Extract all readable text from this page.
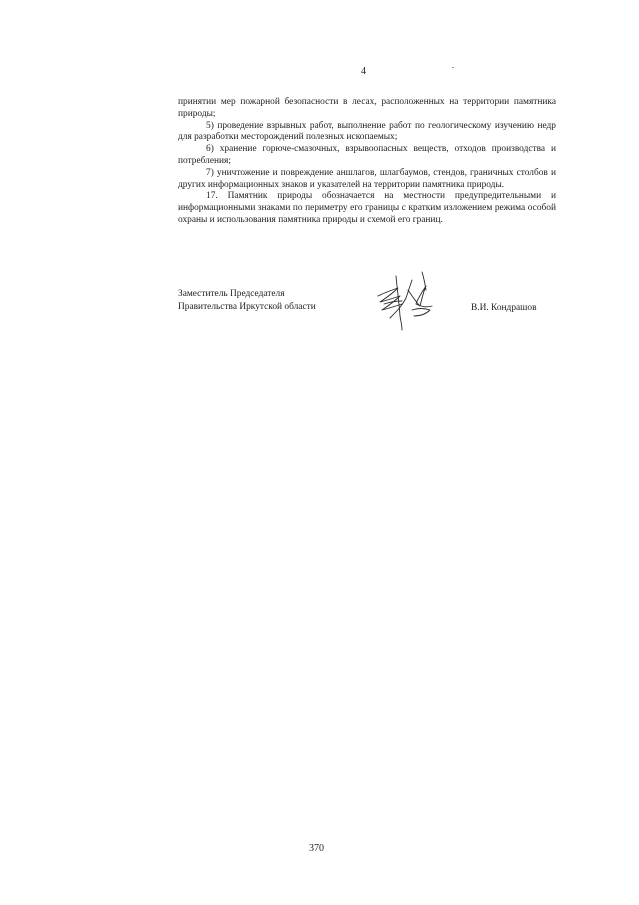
4

принятии мер пожарной безопасности в лесах, расположенных на территории памятника природы;

5) проведение взрывных работ, выполнение работ по геологическому изучению недр для разработки месторождений полезных ископаемых;

6) хранение горюче-смазочных, взрывоопасных веществ, отходов производства и потребления;

7) уничтожение и повреждение аншлагов, шлагбаумов, стендов, граничных столбов и других информационных знаков и указателей на территории памятника природы.

17. Памятник природы обозначается на местности предупредительными и информационными знаками по периметру его границы с кратким изложением режима особой охраны и использования памятника природы и схемой его границ.

Заместитель Председателя
Правительства Иркутской области	В.И. Кондрашов
370
